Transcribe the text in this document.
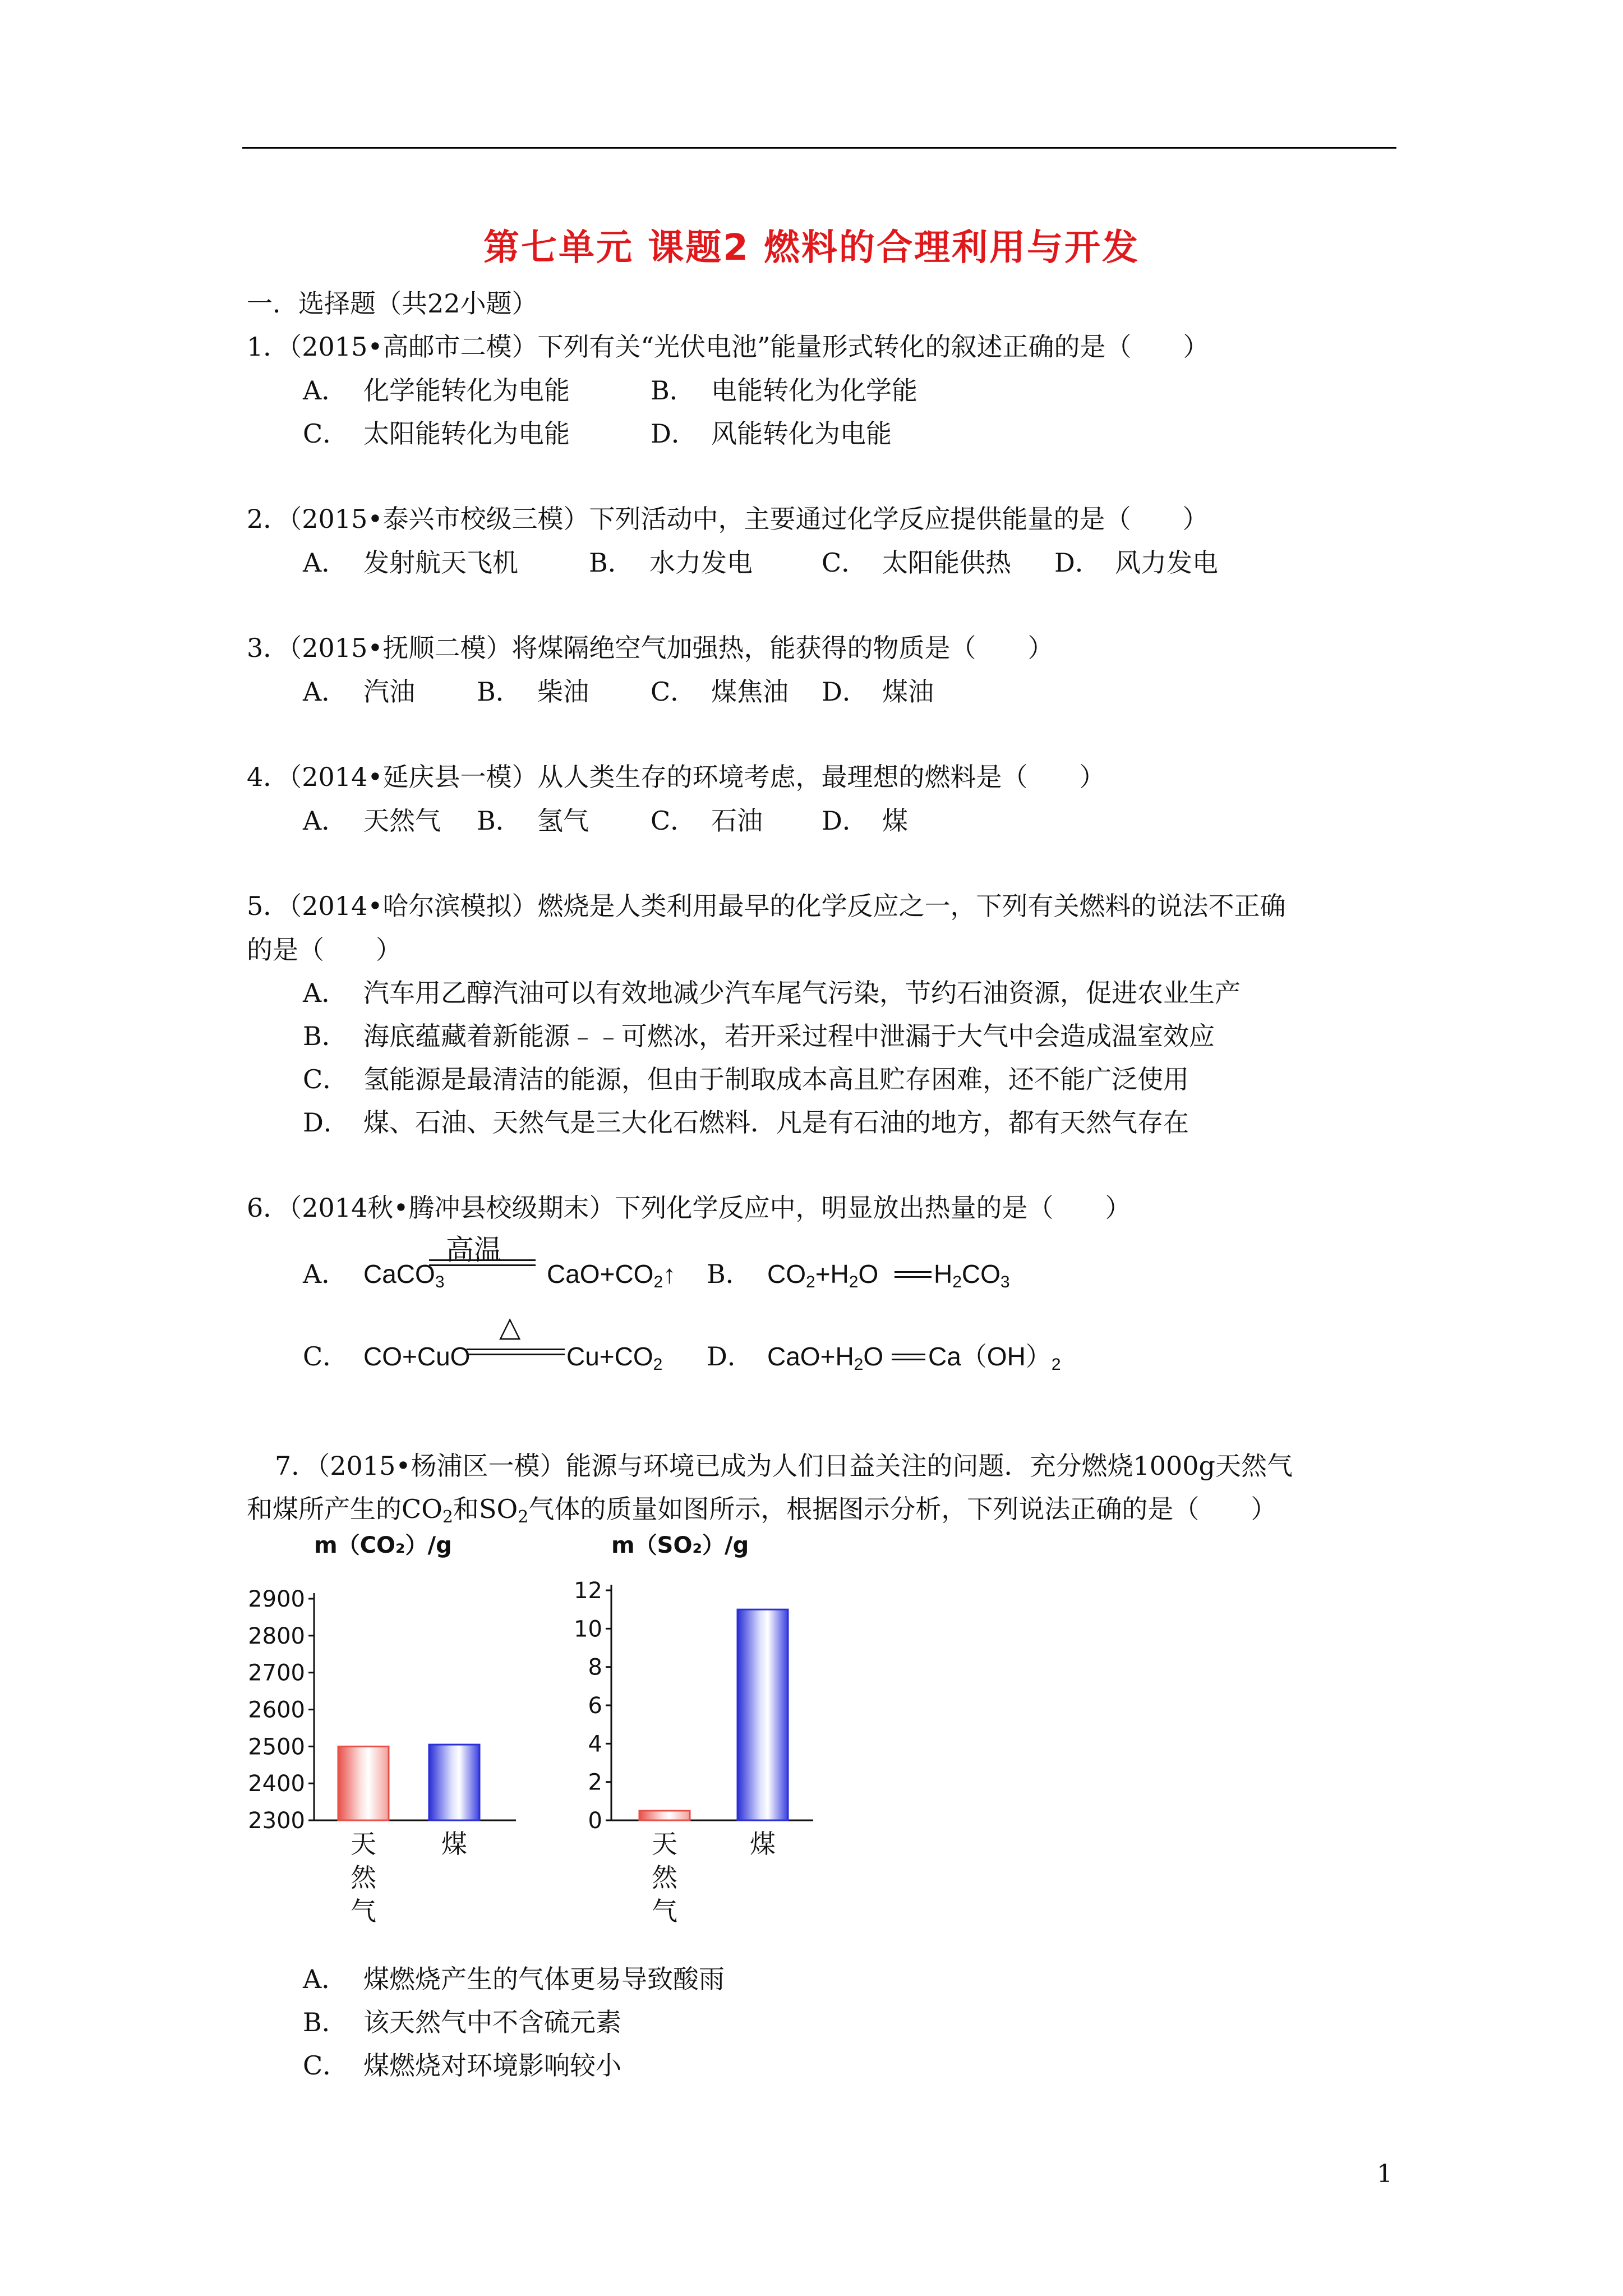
第七单元 课题2 燃料的合理利用与开发
一．选择题（共22小题）
1．（2015•高邮市二模）下列有关“光伏电池”能量形式转化的叙述正确的是（　　）
A． 化学能转化为电能	B． 电能转化为化学能
C． 太阳能转化为电能	D． 风能转化为电能
2．（2015•泰兴市校级三模）下列活动中，主要通过化学反应提供能量的是（　　）
A． 发射航天飞机	B． 水力发电	C． 太阳能供热 D． 风力发电
3．（2015•抚顺二模）将煤隔绝空气加强热，能获得的物质是（　　）
A． 汽油 B． 柴油 C． 煤焦油 D． 煤油
4．（2014•延庆县一模）从人类生存的环境考虑，最理想的燃料是（　　）
A． 天然气 B． 氢气 C． 石油 D． 煤
5．（2014•哈尔滨模拟）燃烧是人类利用最早的化学反应之一，下列有关燃料的说法不正确
的是（　　）
A． 汽车用乙醇汽油可以有效地减少汽车尾气污染，节约石油资源，促进农业生产
B． 海底蕴藏着新能源﹣﹣可燃冰，若开采过程中泄漏于大气中会造成温室效应
C． 氢能源是最清洁的能源，但由于制取成本高且贮存困难，还不能广泛使用
D． 煤、石油、天然气是三大化石燃料．凡是有石油的地方，都有天然气存在
6．（2014秋•腾冲县校级期末）下列化学反应中，明显放出热量的是（　　）
A． CaCO$_3$
高温
$CaO+CO_2↑$ B． $CO_2+H_2O$ $H_2CO_3$
C． CO+CuO
△
$Cu+CO_2$ D． $CaO+H_2O$ $Ca(OH)_2$
7．（2015•杨浦区一模）能源与环境已成为人们日益关注的问题．充分燃烧1000g天然气
和煤所产生的$CO_2$和$SO_2$气体的质量如图所示，根据图示分析，下列说法正确的是（　　）
m（CO₂）/g
2300
2400
2500
2600
2700
2800
2900
天
然
气
煤
m（SO₂）/g
0
2
4
6
8
10
12
天
然
气
煤
A． 煤燃烧产生的气体更易导致酸雨
B． 该天然气中不含硫元素
C． 煤燃烧对环境影响较小
1
